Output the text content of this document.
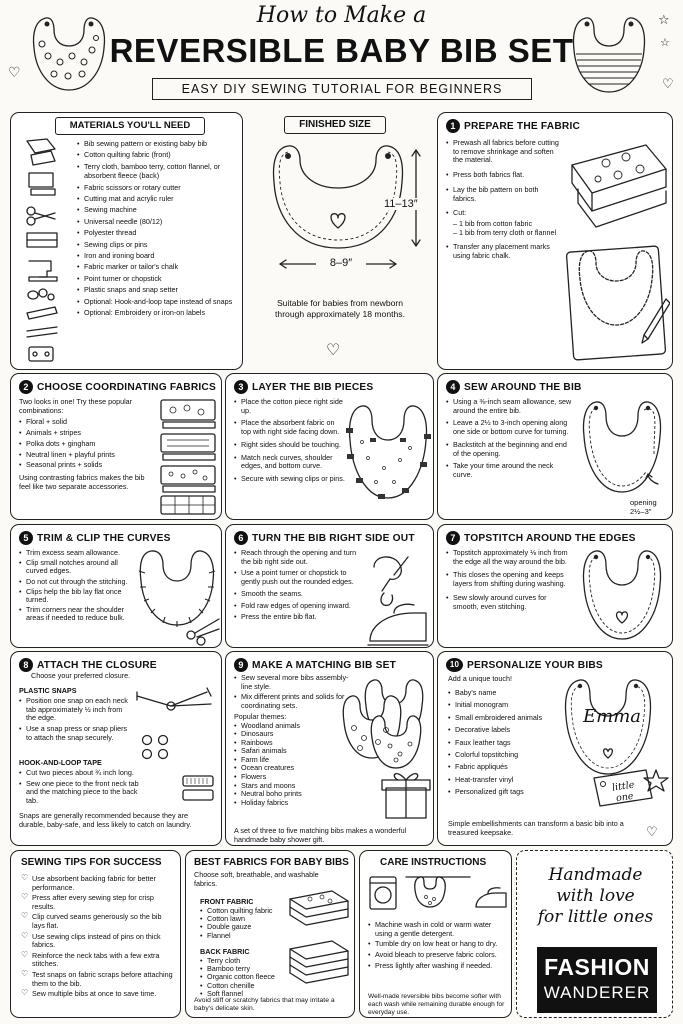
♡
☆
☆
♡
How to Make a
REVERSIBLE BABY BIB SET
EASY DIY SEWING TUTORIAL FOR BEGINNERS
MATERIALS YOU'LL NEED
• Bib sewing pattern or existing baby bib
• Cotton quilting fabric (front)
• Terry cloth, bamboo terry, cotton flannel, or absorbent fleece (back)
• Fabric scissors or rotary cutter
• Cutting mat and acrylic ruler
• Sewing machine
• Universal needle (80/12)
• Polyester thread
• Sewing clips or pins
• Iron and ironing board
• Fabric marker or tailor's chalk
• Point turner or chopstick
• Plastic snaps and snap setter
• Optional: Hook-and-loop tape instead of snaps
• Optional: Embroidery or iron-on labels
FINISHED SIZE
11–13″
8–9″
Suitable for babies from newborn through approximately 18 months.
♡
1 PREPARE THE FABRIC
• Prewash all fabrics before cutting to remove shrinkage and soften the material.
• Press both fabrics flat.
• Lay the bib pattern on both fabrics.
• Cut:
– 1 bib from cotton fabric
– 1 bib from terry cloth or flannel
• Transfer any placement marks using fabric chalk.
2 CHOOSE COORDINATING FABRICS
Two looks in one! Try these popular combinations:
• Floral + solid
• Animals + stripes
• Polka dots + gingham
• Neutral linen + playful prints
• Seasonal prints + solids
Using contrasting fabrics makes the bib feel like two separate accessories.
3 LAYER THE BIB PIECES
• Place the cotton piece right side up.
• Place the absorbent fabric on top with right side facing down.
• Right sides should be touching.
• Match neck curves, shoulder edges, and bottom curve.
• Secure with sewing clips or pins.
4 SEW AROUND THE BIB
• Using a ⅜-inch seam allowance, sew around the entire bib.
• Leave a 2½ to 3-inch opening along one side or bottom curve for turning.
• Backstitch at the beginning and end of the opening.
• Take your time around the neck curve.
opening
2½–3″
5 TRIM & CLIP THE CURVES
• Trim excess seam allowance.
• Clip small notches around all curved edges.
• Do not cut through the stitching.
• Clips help the bib lay flat once turned.
• Trim corners near the shoulder areas if needed to reduce bulk.
6 TURN THE BIB RIGHT SIDE OUT
• Reach through the opening and turn the bib right side out.
• Use a point turner or chopstick to gently push out the rounded edges.
• Smooth the seams.
• Fold raw edges of opening inward.
• Press the entire bib flat.
7 TOPSTITCH AROUND THE EDGES
• Topstitch approximately ⅛ inch from the edge all the way around the bib.
• This closes the opening and keeps layers from shifting during washing.
• Sew slowly around curves for smooth, even stitching.
8 ATTACH THE CLOSURE
Choose your preferred closure.
PLASTIC SNAPS
• Position one snap on each neck tab approximately ½ inch from the edge.
• Use a snap press or snap pliers to attach the snap securely.
HOOK-AND-LOOP TAPE
• Cut two pieces about ¾ inch long.
• Sew one piece to the front neck tab and the matching piece to the back tab.
Snaps are generally recommended because they are durable, baby-safe, and less likely to catch on laundry.
9 MAKE A MATCHING BIB SET
• Sew several more bibs assembly-line style.
• Mix different prints and solids for coordinating sets.
Popular themes:
• Woodland animals
• Dinosaurs
• Rainbows
• Safari animals
• Farm life
• Ocean creatures
• Flowers
• Stars and moons
• Neutral boho prints
• Holiday fabrics
A set of three to five matching bibs makes a wonderful handmade baby shower gift.
10 PERSONALIZE YOUR BIBS
Add a unique touch!
• Baby's name
• Initial monogram
• Small embroidered animals
• Decorative labels
• Faux leather tags
• Colorful topstitching
• Fabric appliqués
• Heat-transfer vinyl
• Personalized gift tags
Emma
little
one
Simple embellishments can transform a basic bib into a treasured keepsake.	♡
SEWING TIPS FOR SUCCESS
♡ Use absorbent backing fabric for better performance.
♡ Press after every sewing step for crisp results.
♡ Clip curved seams generously so the bib lays flat.
♡ Use sewing clips instead of pins on thick fabrics.
♡ Reinforce the neck tabs with a few extra stitches.
♡ Test snaps on fabric scraps before attaching them to the bib.
♡ Sew multiple bibs at once to save time.
BEST FABRICS FOR BABY BIBS
Choose soft, breathable, and washable fabrics.
FRONT FABRIC
• Cotton quilting fabric
• Cotton lawn
• Double gauze
• Flannel
BACK FABRIC
• Terry cloth
• Bamboo terry
• Organic cotton fleece
• Cotton chenille
• Soft flannel
Avoid stiff or scratchy fabrics that may irritate a baby's delicate skin.
CARE INSTRUCTIONS
• Machine wash in cold or warm water using a gentle detergent.
• Tumble dry on low heat or hang to dry.
• Avoid bleach to preserve fabric colors.
• Press lightly after washing if needed.
Well-made reversible bibs become softer with each wash while remaining durable enough for everyday use.
Handmade
with love
for little ones
FASHION
WANDERER
